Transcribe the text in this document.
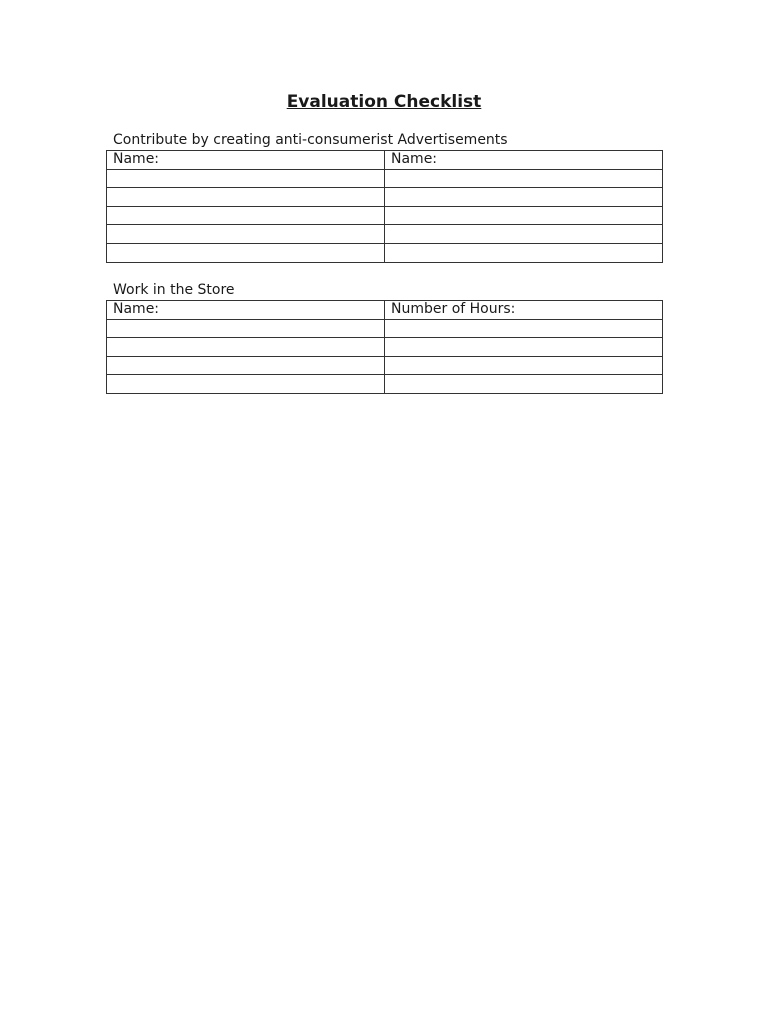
Evaluation Checklist
Contribute by creating anti-consumerist Advertisements
Name:	Name:

Work in the Store
Name:	Number of Hours:
